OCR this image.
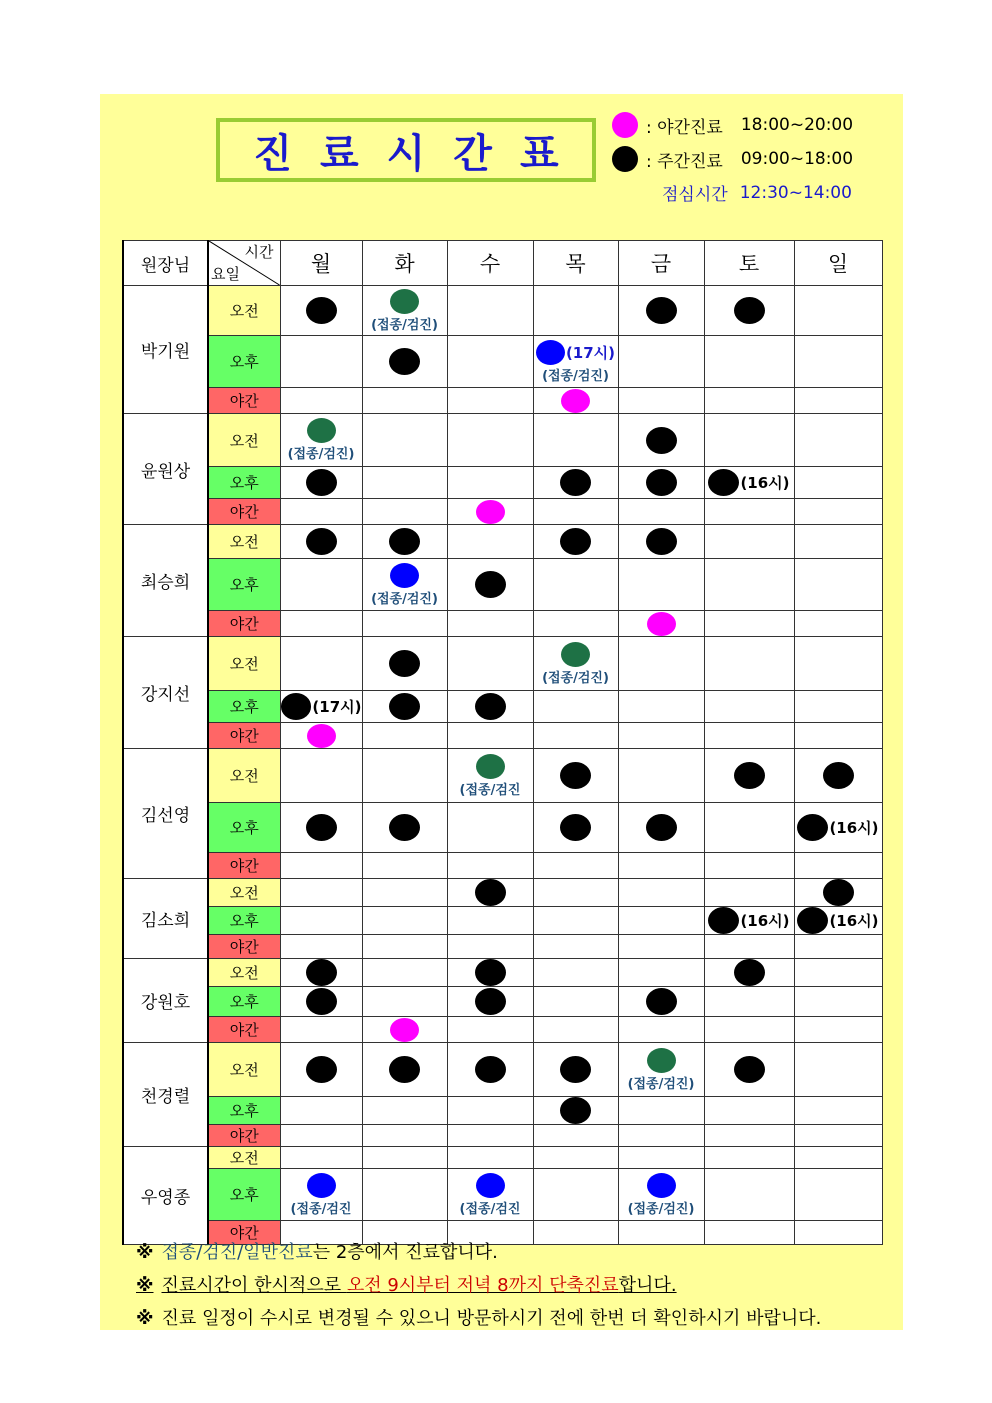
진료시간표
: 야간진료 18:00~20:00
: 주간진료 09:00~18:00
점심시간 12:30~14:00
원장님	시간
요일	월	화	수	목	금	토	일
박기원	오전		(접종/검진)					

	오후				(17시)
(접종/검진)			

	야간							
윤원상	오전	(접종/검진)						

	오후						(16시)	

	야간							
최승희	오전							
	오후		(접종/검진)					

	야간							
강지선	오전				(접종/검진)			

	오후	(17시)						

	야간							
김선영	오전			(접종/검진				

	오후							(16시)

	야간							
김소희	오전							
	오후						(16시)	(16시)

	야간							
강원호	오전							
	오후							
	야간							
천경렬	오전					(접종/검진)		

	오후							
	야간							
우영종	오전							
	오후	(접종/검진		(접종/검진		(접종/검진)		

	야간							
※ 접종/검진/일반진료는 2층에서 진료합니다.
※ 진료시간이 한시적으로 오전 9시부터 저녁 8까지 단축진료합니다.
※ 진료 일정이 수시로 변경될 수 있으니 방문하시기 전에 한번 더 확인하시기 바랍니다.
